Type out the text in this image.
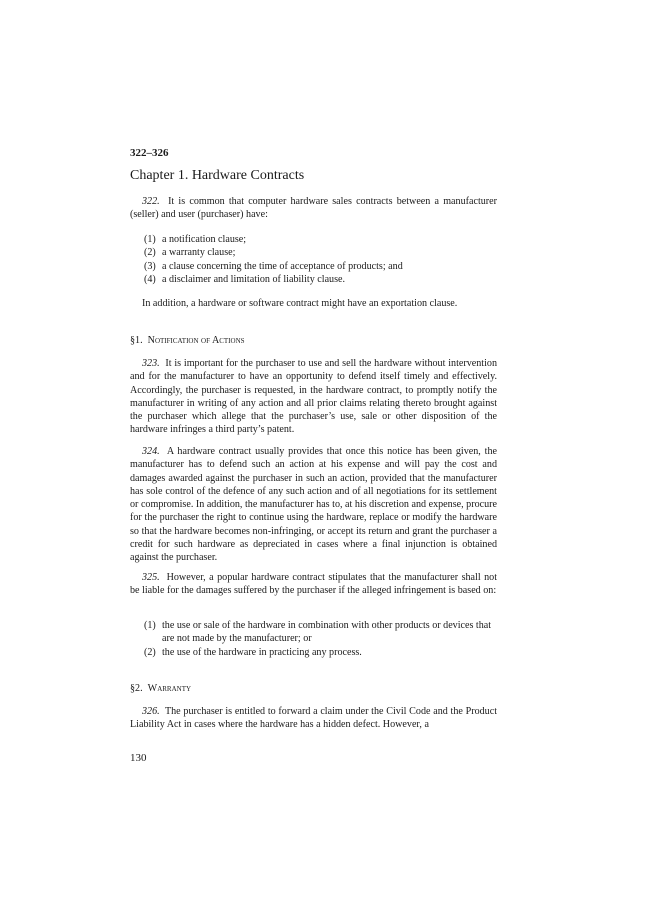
322–326
Chapter 1. Hardware Contracts

322. It is common that computer hardware sales contracts between a manufacturer (seller) and user (purchaser) have:

(1) a notification clause;
(2) a warranty clause;
(3) a clause concerning the time of acceptance of products; and
(4) a disclaimer and limitation of liability clause.

In addition, a hardware or software contract might have an exportation clause.

§1. Notification of Actions

323. It is important for the purchaser to use and sell the hardware without intervention and for the manufacturer to have an opportunity to defend itself timely and effectively. Accordingly, the purchaser is requested, in the hardware contract, to promptly notify the manufacturer in writing of any action and all prior claims relating thereto brought against the purchaser which allege that the purchaser’s use, sale or other disposition of the hardware infringes a third party’s patent.

324. A hardware contract usually provides that once this notice has been given, the manufacturer has to defend such an action at his expense and will pay the cost and damages awarded against the purchaser in such an action, provided that the manufacturer has sole control of the defence of any such action and of all negotiations for its settlement or compromise. In addition, the manufacturer has to, at his discretion and expense, procure for the purchaser the right to continue using the hardware, replace or modify the hardware so that the hardware becomes non-infringing, or accept its return and grant the purchaser a credit for such hardware as depreciated in cases where a final injunction is obtained against the purchaser.

325. However, a popular hardware contract stipulates that the manufacturer shall not be liable for the damages suffered by the purchaser if the alleged infringement is based on:

(1) the use or sale of the hardware in combination with other products or devices that are not made by the manufacturer; or
(2) the use of the hardware in practicing any process.
§2. Warranty

326. The purchaser is entitled to forward a claim under the Civil Code and the Product Liability Act in cases where the hardware has a hidden defect. However, a

130
